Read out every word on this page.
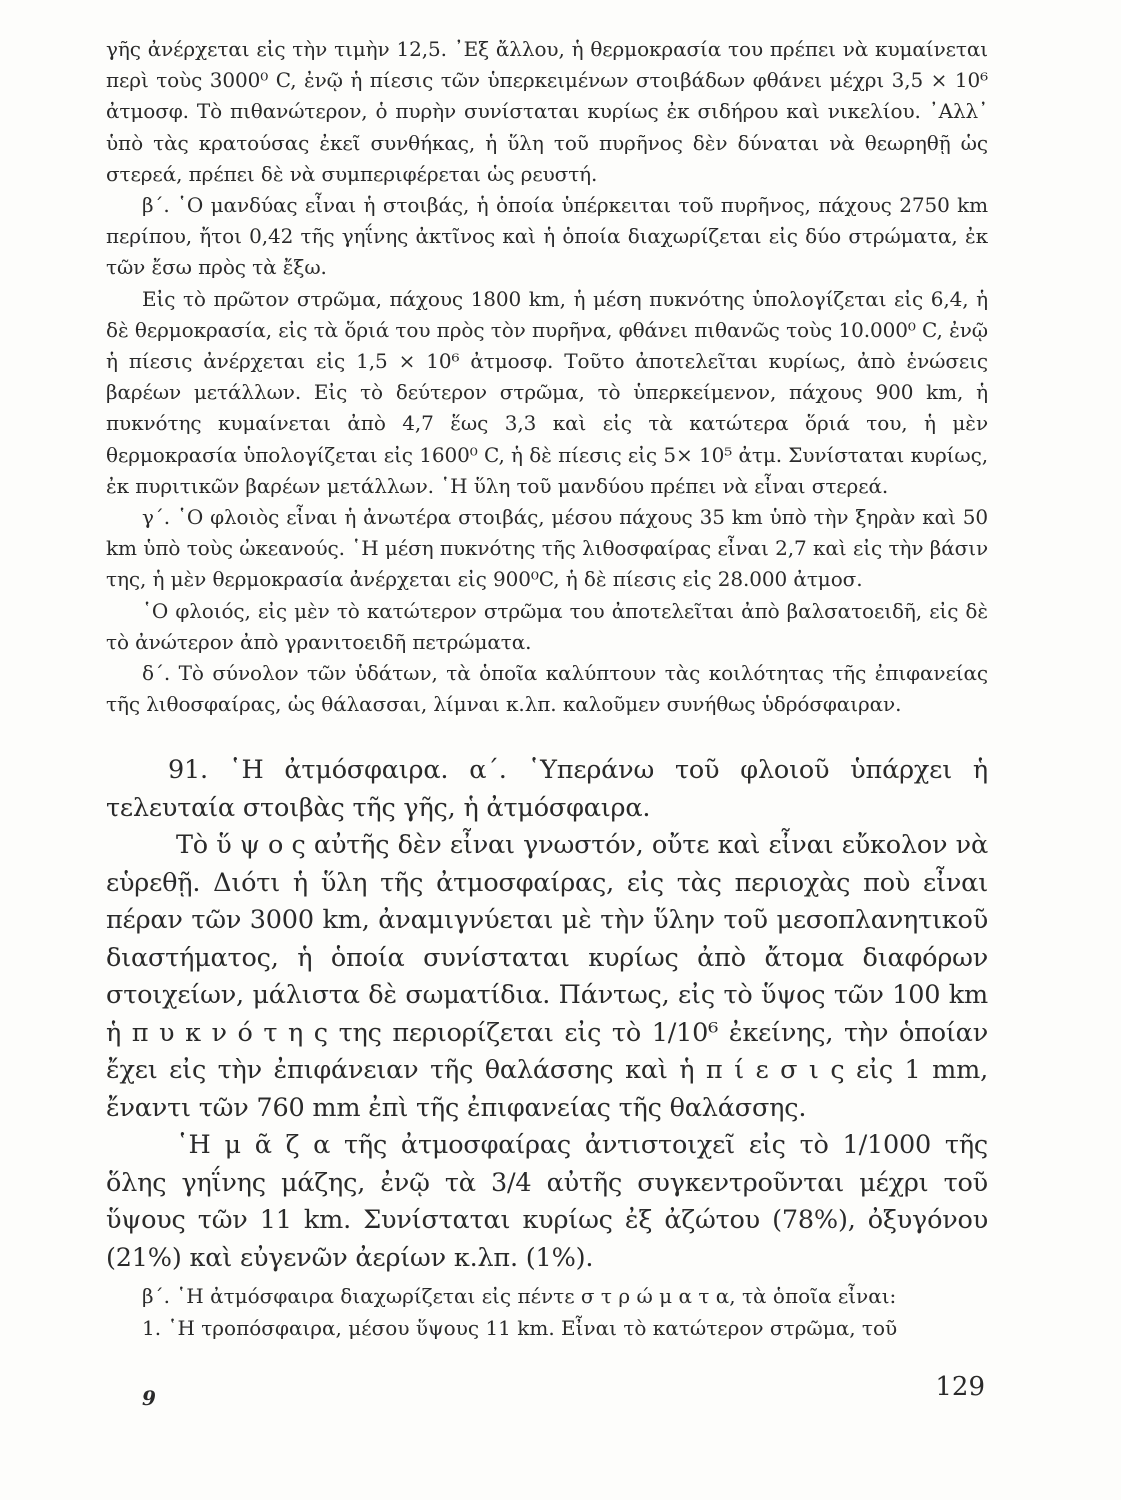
γῆς ἀνέρχεται εἰς τὴν τιμὴν 12,5. ᾿Εξ ἄλλου, ἡ θερμοκρασία του πρέπει νὰ κυμαίνεται περὶ τοὺς 3000⁰ C, ἐνῷ ἡ πίεσις τῶν ὑπερκειμένων στοιβάδων φθάνει μέχρι 3,5 × 10⁶ ἀτμοσφ. Τὸ πιθανώτερον, ὁ πυρὴν συνίσταται κυρίως ἐκ σιδήρου καὶ νικελίου. ᾿Αλλ᾿ ὑπὸ τὰς κρατούσας ἐκεῖ συνθήκας, ἡ ὕλη τοῦ πυρῆνος δὲν δύναται νὰ θεωρηθῇ ὡς στερεά, πρέπει δὲ νὰ συμπεριφέρεται ὡς ρευστή.

β΄. ῾Ο μανδύας εἶναι ἡ στοιβάς, ἡ ὁποία ὑπέρκειται τοῦ πυρῆνος, πάχους 2750 km περίπου, ἤτοι 0,42 τῆς γηΐνης ἀκτῖνος καὶ ἡ ὁποία διαχωρίζεται εἰς δύο στρώματα, ἐκ τῶν ἔσω πρὸς τὰ ἔξω.

Εἰς τὸ πρῶτον στρῶμα, πάχους 1800 km, ἡ μέση πυκνότης ὑπολογίζεται εἰς 6,4, ἡ δὲ θερμοκρασία, εἰς τὰ ὅριά του πρὸς τὸν πυρῆνα, φθάνει πιθανῶς τοὺς 10.000⁰ C, ἐνῷ ἡ πίεσις ἀνέρχεται εἰς 1,5 × 10⁶ ἀτμοσφ. Τοῦτο ἀποτελεῖται κυρίως, ἀπὸ ἑνώσεις βαρέων μετάλλων. Εἰς τὸ δεύτερον στρῶμα, τὸ ὑπερκείμενον, πάχους 900 km, ἡ πυκνότης κυμαίνεται ἀπὸ 4,7 ἕως 3,3 καὶ εἰς τὰ κατώτερα ὅριά του, ἡ μὲν θερμοκρασία ὑπολογίζεται εἰς 1600⁰ C, ἡ δὲ πίεσις εἰς 5× 10⁵ ἀτμ. Συνίσταται κυρίως, ἐκ πυριτικῶν βαρέων μετάλλων. ῾Η ὕλη τοῦ μανδύου πρέπει νὰ εἶναι στερεά.

γ΄. ῾Ο φλοιὸς εἶναι ἡ ἀνωτέρα στοιβάς, μέσου πάχους 35 km ὑπὸ τὴν ξηρὰν καὶ 50 km ὑπὸ τοὺς ὠκεανούς. ῾Η μέση πυκνότης τῆς λιθοσφαίρας εἶναι 2,7 καὶ εἰς τὴν βάσιν της, ἡ μὲν θερμοκρασία ἀνέρχεται εἰς 900⁰C, ἡ δὲ πίεσις εἰς 28.000 ἀτμοσ.

῾Ο φλοιός, εἰς μὲν τὸ κατώτερον στρῶμα του ἀποτελεῖται ἀπὸ βαλσατοειδῆ, εἰς δὲ τὸ ἀνώτερον ἀπὸ γρανιτοειδῆ πετρώματα.

δ΄. Τὸ σύνολον τῶν ὑδάτων, τὰ ὁποῖα καλύπτουν τὰς κοιλότητας τῆς ἐπιφανείας τῆς λιθοσφαίρας, ὡς θάλασσαι, λίμναι κ.λπ. καλοῦμεν συνήθως ὑδρόσφαιραν.

91. ῾Η ἀτμόσφαιρα. α΄. ῾Υπεράνω τοῦ φλοιοῦ ὑπάρχει ἡ τελευταία στοιβὰς τῆς γῆς, ἡ ἀτμόσφαιρα.

Τὸ ὕ ψ ο ς αὐτῆς δὲν εἶναι γνωστόν, οὔτε καὶ εἶναι εὔκολον νὰ εὑρεθῇ. Διότι ἡ ὕλη τῆς ἀτμοσφαίρας, εἰς τὰς περιοχὰς ποὺ εἶναι πέραν τῶν 3000 km, ἀναμιγνύεται μὲ τὴν ὕλην τοῦ μεσοπλανητικοῦ διαστήματος, ἡ ὁποία συνίσταται κυρίως ἀπὸ ἄτομα διαφόρων στοιχείων, μάλιστα δὲ σωματίδια. Πάντως, εἰς τὸ ὕψος τῶν 100 km ἡ π υ κ ν ό τ η ς της περιορίζεται εἰς τὸ 1/10⁶ ἐκείνης, τὴν ὁποίαν ἔχει εἰς τὴν ἐπιφάνειαν τῆς θαλάσσης καὶ ἡ π ί ε σ ι ς εἰς 1 mm, ἔναντι τῶν 760 mm ἐπὶ τῆς ἐπιφανείας τῆς θαλάσσης.

῾Η μ ᾶ ζ α τῆς ἀτμοσφαίρας ἀντιστοιχεῖ εἰς τὸ 1/1000 τῆς ὅλης γηΐνης μάζης, ἐνῷ τὰ 3/4 αὐτῆς συγκεντροῦνται μέχρι τοῦ ὕψους τῶν 11 km. Συνίσταται κυρίως ἐξ ἀζώτου (78%), ὀξυγόνου (21%) καὶ εὐγενῶν ἀερίων κ.λπ. (1%).

β΄. ῾Η ἀτμόσφαιρα διαχωρίζεται εἰς πέντε σ τ ρ ώ μ α τ α, τὰ ὁποῖα εἶναι:

1. ῾Η τροπόσφαιρα, μέσου ὕψους 11 km. Εἶναι τὸ κατώτερον στρῶμα, τοῦ

9	129
